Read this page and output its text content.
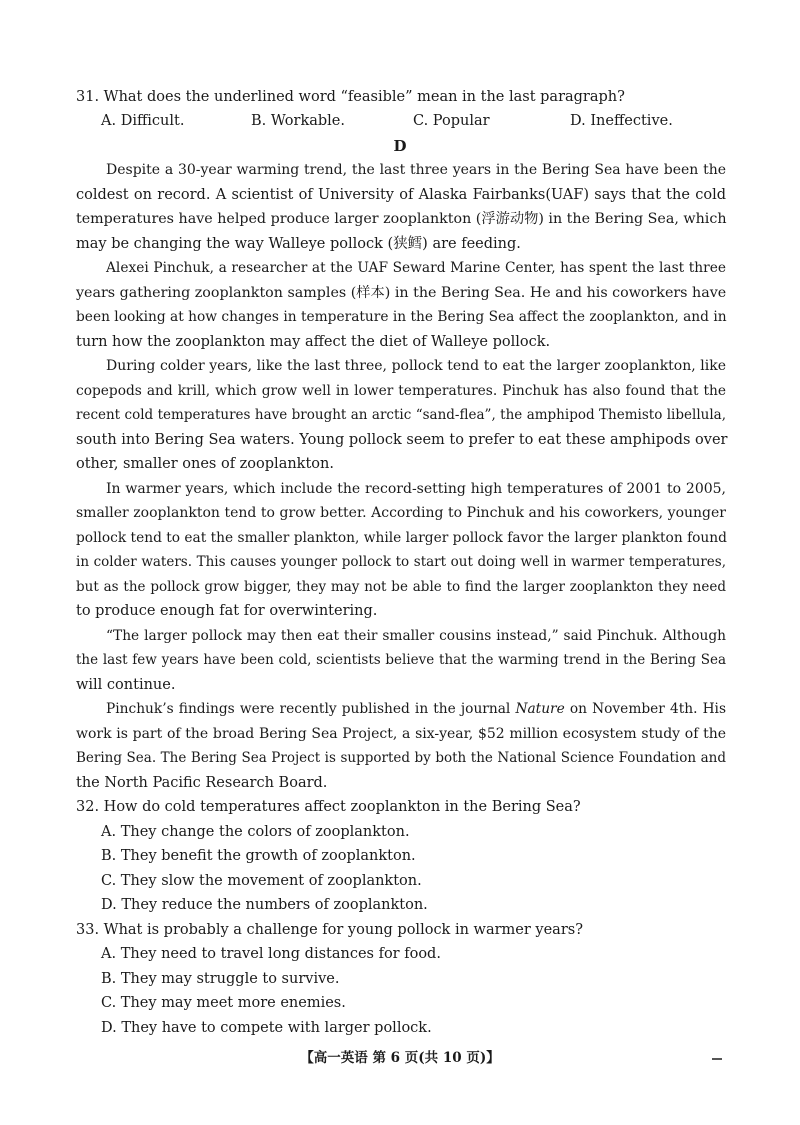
31. What does the underlined word “feasible” mean in the last paragraph?
A. Difficult.	B. Workable.	C. Popular	D. Ineffective.
D
Despite a 30-year warming trend, the last three years in the Bering Sea have been the
coldest on record. A scientist of University of Alaska Fairbanks(UAF) says that the cold
temperatures have helped produce larger zooplankton (浮游动物) in the Bering Sea, which
may be changing the way Walleye pollock (狭鳕) are feeding.
Alexei Pinchuk, a researcher at the UAF Seward Marine Center, has spent the last three
years gathering zooplankton samples (样本) in the Bering Sea. He and his coworkers have
been looking at how changes in temperature in the Bering Sea affect the zooplankton, and in
turn how the zooplankton may affect the diet of Walleye pollock.
During colder years, like the last three, pollock tend to eat the larger zooplankton, like
copepods and krill, which grow well in lower temperatures. Pinchuk has also found that the
recent cold temperatures have brought an arctic “sand-flea”, the amphipod Themisto libellula,
south into Bering Sea waters. Young pollock seem to prefer to eat these amphipods over
other, smaller ones of zooplankton.
In warmer years, which include the record-setting high temperatures of 2001 to 2005,
smaller zooplankton tend to grow better. According to Pinchuk and his coworkers, younger
pollock tend to eat the smaller plankton, while larger pollock favor the larger plankton found
in colder waters. This causes younger pollock to start out doing well in warmer temperatures,
but as the pollock grow bigger, they may not be able to find the larger zooplankton they need
to produce enough fat for overwintering.
“The larger pollock may then eat their smaller cousins instead,” said Pinchuk. Although
the last few years have been cold, scientists believe that the warming trend in the Bering Sea
will continue.
Pinchuk’s findings were recently published in the journal Nature on November 4th. His
work is part of the broad Bering Sea Project, a six-year, $52 million ecosystem study of the
Bering Sea. The Bering Sea Project is supported by both the National Science Foundation and
the North Pacific Research Board.
32. How do cold temperatures affect zooplankton in the Bering Sea?
A. They change the colors of zooplankton.
B. They benefit the growth of zooplankton.
C. They slow the movement of zooplankton.
D. They reduce the numbers of zooplankton.
33. What is probably a challenge for young pollock in warmer years?
A. They need to travel long distances for food.
B. They may struggle to survive.
C. They may meet more enemies.
D. They have to compete with larger pollock.
【高一英语 第 6 页(共 10 页)】
